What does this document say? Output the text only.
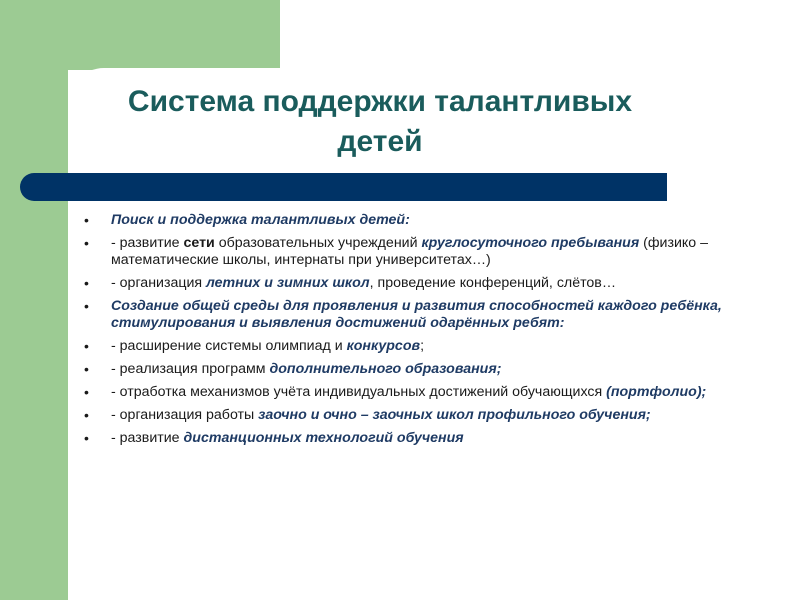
Система поддержки талантливых
детей
• Поиск и поддержка талантливых детей:
• - развитие сети образовательных учреждений круглосуточного пребывания (физико – математические школы, интернаты при университетах…)
• - организация летних и зимних школ, проведение конференций, слётов…
• Создание общей среды для проявления и развития способностей каждого ребёнка, стимулирования и выявления достижений одарённых ребят:
• - расширение системы олимпиад и конкурсов;
• - реализация программ дополнительного образования;
• - отработка механизмов учёта индивидуальных достижений обучающихся (портфолио);
• - организация работы заочно и очно – заочных школ профильного обучения;
• - развитие дистанционных технологий обучения
